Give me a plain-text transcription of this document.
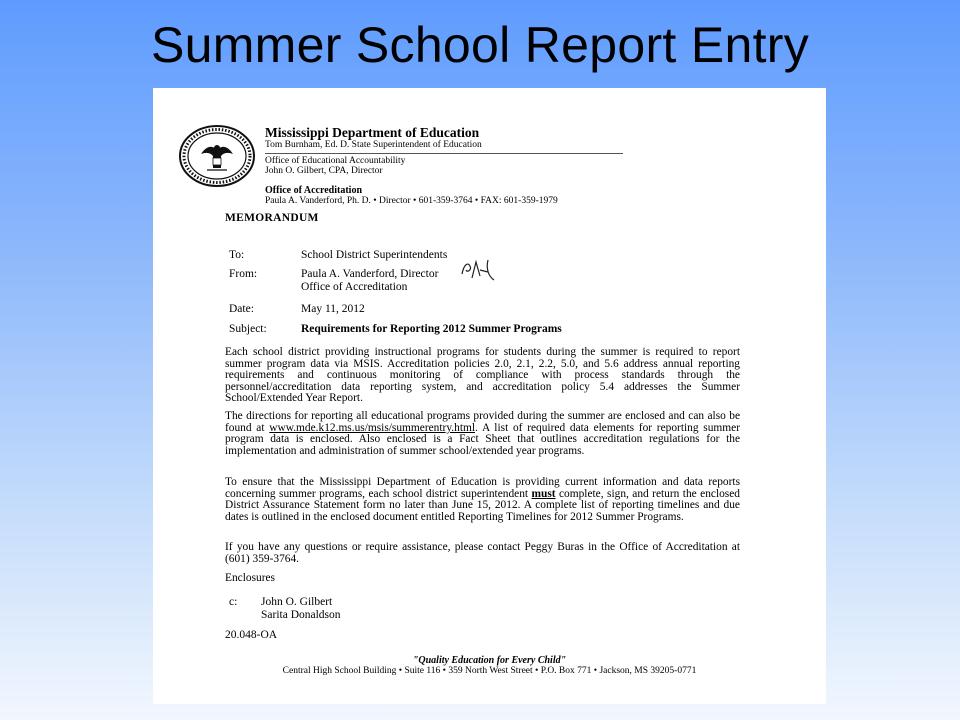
Summer School Report Entry
Mississippi Department of Education
Tom Burnham, Ed. D. State Superintendent of Education
Office of Educational Accountability
John O. Gilbert, CPA, Director
Office of Accreditation
Paula A. Vanderford, Ph. D. • Director • 601-359-3764 • FAX: 601-359-1979
MEMORANDUM
To:	School District Superintendents
From:	Paula A. Vanderford, Director
Office of Accreditation
Date:	May 11, 2012
Subject:	Requirements for Reporting 2012 Summer Programs
Each school district providing instructional programs for students during the summer is required to report summer program data via MSIS. Accreditation policies 2.0, 2.1, 2.2, 5.0, and 5.6 address annual reporting requirements and continuous monitoring of compliance with process standards through the personnel/accreditation data reporting system, and accreditation policy 5.4 addresses the Summer School/Extended Year Report.
The directions for reporting all educational programs provided during the summer are enclosed and can also be found at www.mde.k12.ms.us/msis/summerentry.html. A list of required data elements for reporting summer program data is enclosed. Also enclosed is a Fact Sheet that outlines accreditation regulations for the implementation and administration of summer school/extended year programs.
To ensure that the Mississippi Department of Education is providing current information and data reports concerning summer programs, each school district superintendent must complete, sign, and return the enclosed District Assurance Statement form no later than June 15, 2012. A complete list of reporting timelines and due dates is outlined in the enclosed document entitled Reporting Timelines for 2012 Summer Programs.
If you have any questions or require assistance, please contact Peggy Buras in the Office of Accreditation at (601) 359-3764.
Enclosures
c: John O. Gilbert
Sarita Donaldson
20.048-OA
"Quality Education for Every Child"
Central High School Building • Suite 116 • 359 North West Street • P.O. Box 771 • Jackson, MS 39205-0771
